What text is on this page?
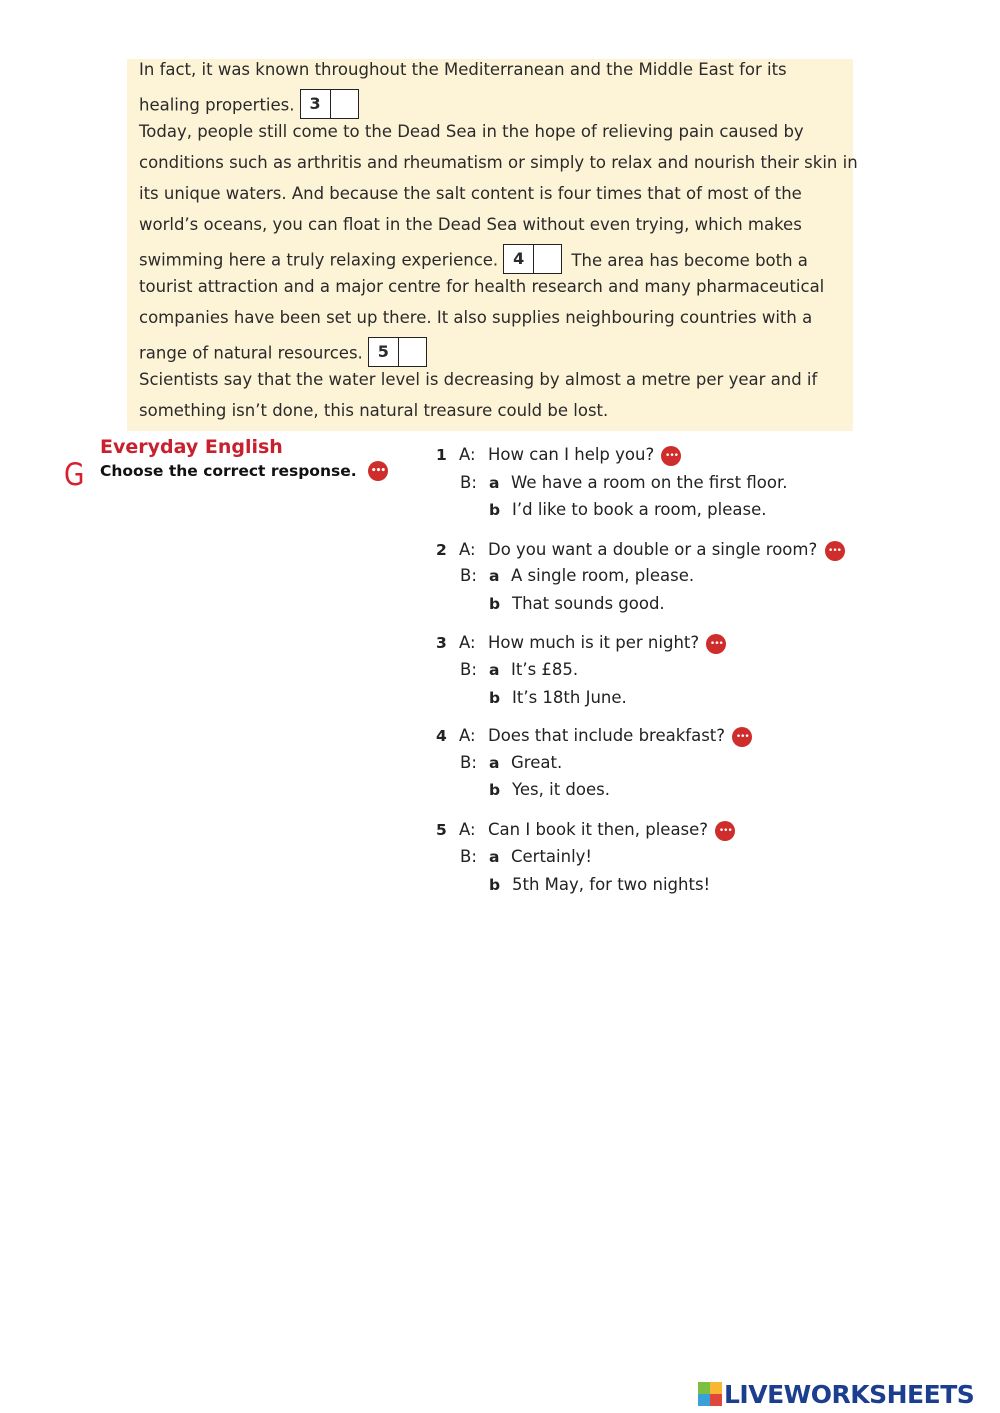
In fact, it was known throughout the Mediterranean and the Middle East for its
healing properties. 3
Today, people still come to the Dead Sea in the hope of relieving pain caused by
conditions such as arthritis and rheumatism or simply to relax and nourish their skin in
its unique waters. And because the salt content is four times that of most of the
world’s oceans, you can float in the Dead Sea without even trying, which makes
swimming here a truly relaxing experience. 4	The area has become both a
tourist attraction and a major centre for health research and many pharmaceutical
companies have been set up there. It also supplies neighbouring countries with a
range of natural resources. 5
Scientists say that the water level is decreasing by almost a metre per year and if
something isn’t done, this natural treasure could be lost.
G
Everyday English
Choose the correct response. •••
1 A: How can I help you? •••
B: a We have a room on the first floor.
b I’d like to book a room, please.
2 A: Do you want a double or a single room? •••
B: a A single room, please.
b That sounds good.
3 A: How much is it per night? •••
B: a It’s £85.
b It’s 18th June.
4 A: Does that include breakfast? •••
B: a Great.
b Yes, it does.
5 A: Can I book it then, please? •••
B: a Certainly!
b 5th May, for two nights!
LIVEWORKSHEETS
